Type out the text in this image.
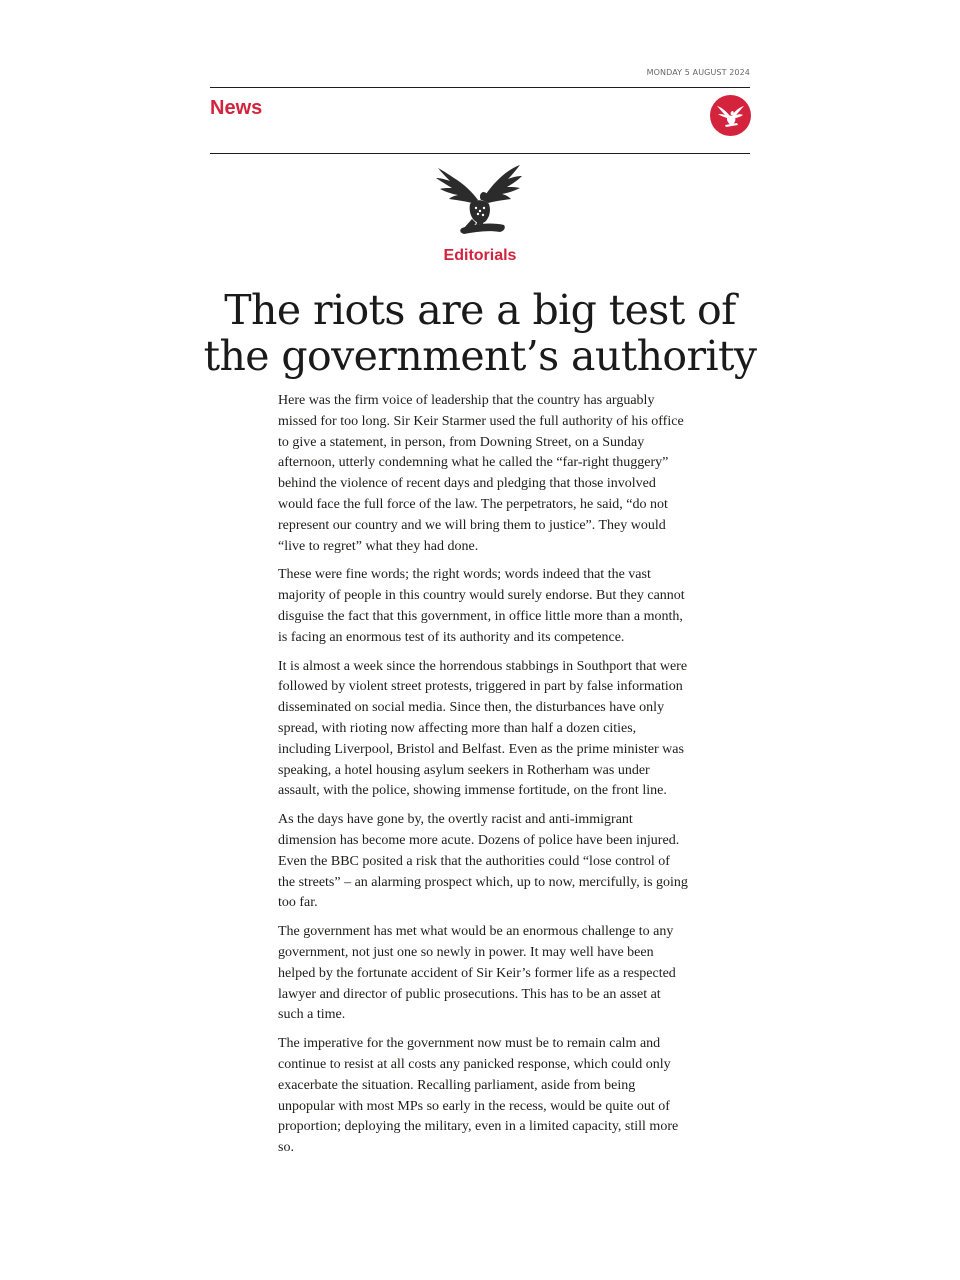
MONDAY 5 AUGUST 2024
News
Editorials
The riots are a big test of
the government’s authority

Here was the firm voice of leadership that the country has arguably missed for too long. Sir Keir Starmer used the full authority of his office to give a statement, in person, from Downing Street, on a Sunday afternoon, utterly condemning what he called the “far-right thuggery” behind the violence of recent days and pledging that those involved would face the full force of the law. The perpetrators, he said, “do not represent our country and we will bring them to justice”. They would “live to regret” what they had done.

These were fine words; the right words; words indeed that the vast majority of people in this country would surely endorse. But they cannot disguise the fact that this government, in office little more than a month, is facing an enormous test of its authority and its competence.

It is almost a week since the horrendous stabbings in Southport that were followed by violent street protests, triggered in part by false information disseminated on social media. Since then, the disturbances have only spread, with rioting now affecting more than half a dozen cities, including Liverpool, Bristol and Belfast. Even as the prime minister was speaking, a hotel housing asylum seekers in Rotherham was under assault, with the police, showing immense fortitude, on the front line.

As the days have gone by, the overtly racist and anti-immigrant dimension has become more acute. Dozens of police have been injured. Even the BBC posited a risk that the authorities could “lose control of the streets” – an alarming prospect which, up to now, mercifully, is going too far.

The government has met what would be an enormous challenge to any government, not just one so newly in power. It may well have been helped by the fortunate accident of Sir Keir’s former life as a respected lawyer and director of public prosecutions. This has to be an asset at such a time.

The imperative for the government now must be to remain calm and continue to resist at all costs any panicked response, which could only exacerbate the situation. Recalling parliament, aside from being unpopular with most MPs so early in the recess, would be quite out of proportion; deploying the military, even in a limited capacity, still more so.
